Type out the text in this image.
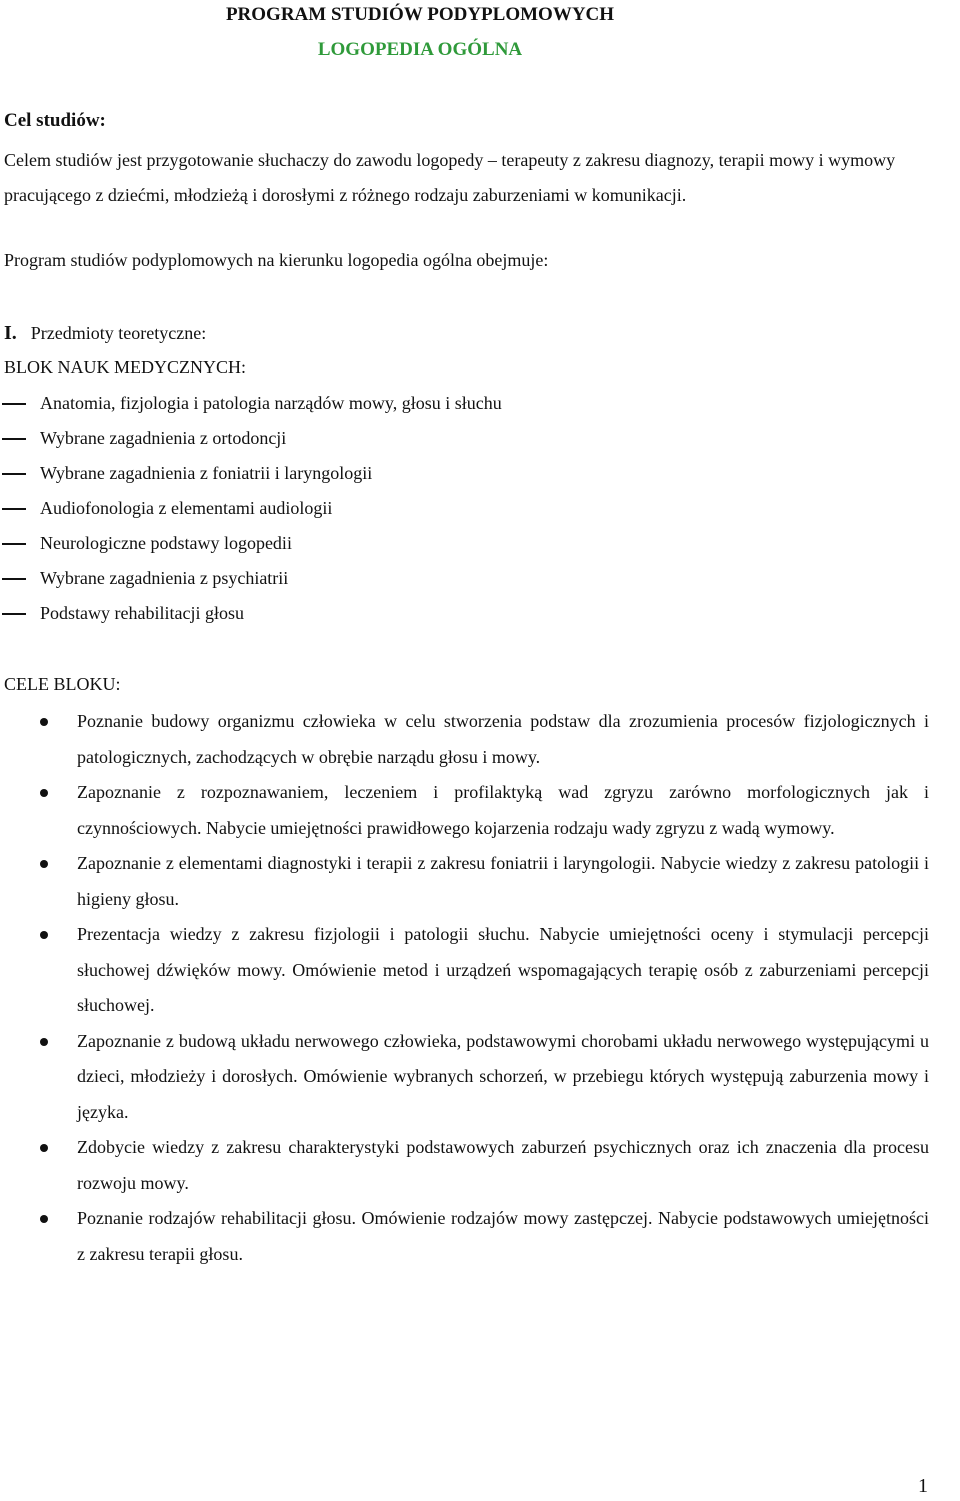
PROGRAM STUDIÓW PODYPLOMOWYCH
LOGOPEDIA OGÓLNA

Cel studiów:

Celem studiów jest przygotowanie słuchaczy do zawodu logopedy – terapeuty z zakresu diagnozy, terapii mowy i wymowy pracującego z dziećmi, młodzieżą i dorosłymi z różnego rodzaju zaburzeniami w komunikacji.

Program studiów podyplomowych na kierunku logopedia ogólna obejmuje:

I. Przedmioty teoretyczne:

BLOK NAUK MEDYCZNYCH:

Anatomia, fizjologia i patologia narządów mowy, głosu i słuchu
Wybrane zagadnienia z ortodoncji
Wybrane zagadnienia z foniatrii i laryngologii
Audiofonologia z elementami audiologii
Neurologiczne podstawy logopedii
Wybrane zagadnienia z psychiatrii
Podstawy rehabilitacji głosu

CELE BLOKU:

Poznanie budowy organizmu człowieka w celu stworzenia podstaw dla zrozumienia procesów fizjologicznych i patologicznych, zachodzących w obrębie narządu głosu i mowy.
Zapoznanie z rozpoznawaniem, leczeniem i profilaktyką wad zgryzu zarówno morfologicznych jak i czynnościowych. Nabycie umiejętności prawidłowego kojarzenia rodzaju wady zgryzu z wadą wymowy.
Zapoznanie z elementami diagnostyki i terapii z zakresu foniatrii i laryngologii. Nabycie wiedzy z zakresu patologii i higieny głosu.
Prezentacja wiedzy z zakresu fizjologii i patologii słuchu. Nabycie umiejętności oceny i stymulacji percepcji słuchowej dźwięków mowy. Omówienie metod i urządzeń wspomagających terapię osób z zaburzeniami percepcji słuchowej.
Zapoznanie z budową układu nerwowego człowieka, podstawowymi chorobami układu nerwowego występującymi u dzieci, młodzieży i dorosłych. Omówienie wybranych schorzeń, w przebiegu których występują zaburzenia mowy i języka.
Zdobycie wiedzy z zakresu charakterystyki podstawowych zaburzeń psychicznych oraz ich znaczenia dla procesu rozwoju mowy.
Poznanie rodzajów rehabilitacji głosu. Omówienie rodzajów mowy zastępczej. Nabycie podstawowych umiejętności z zakresu terapii głosu.

1
